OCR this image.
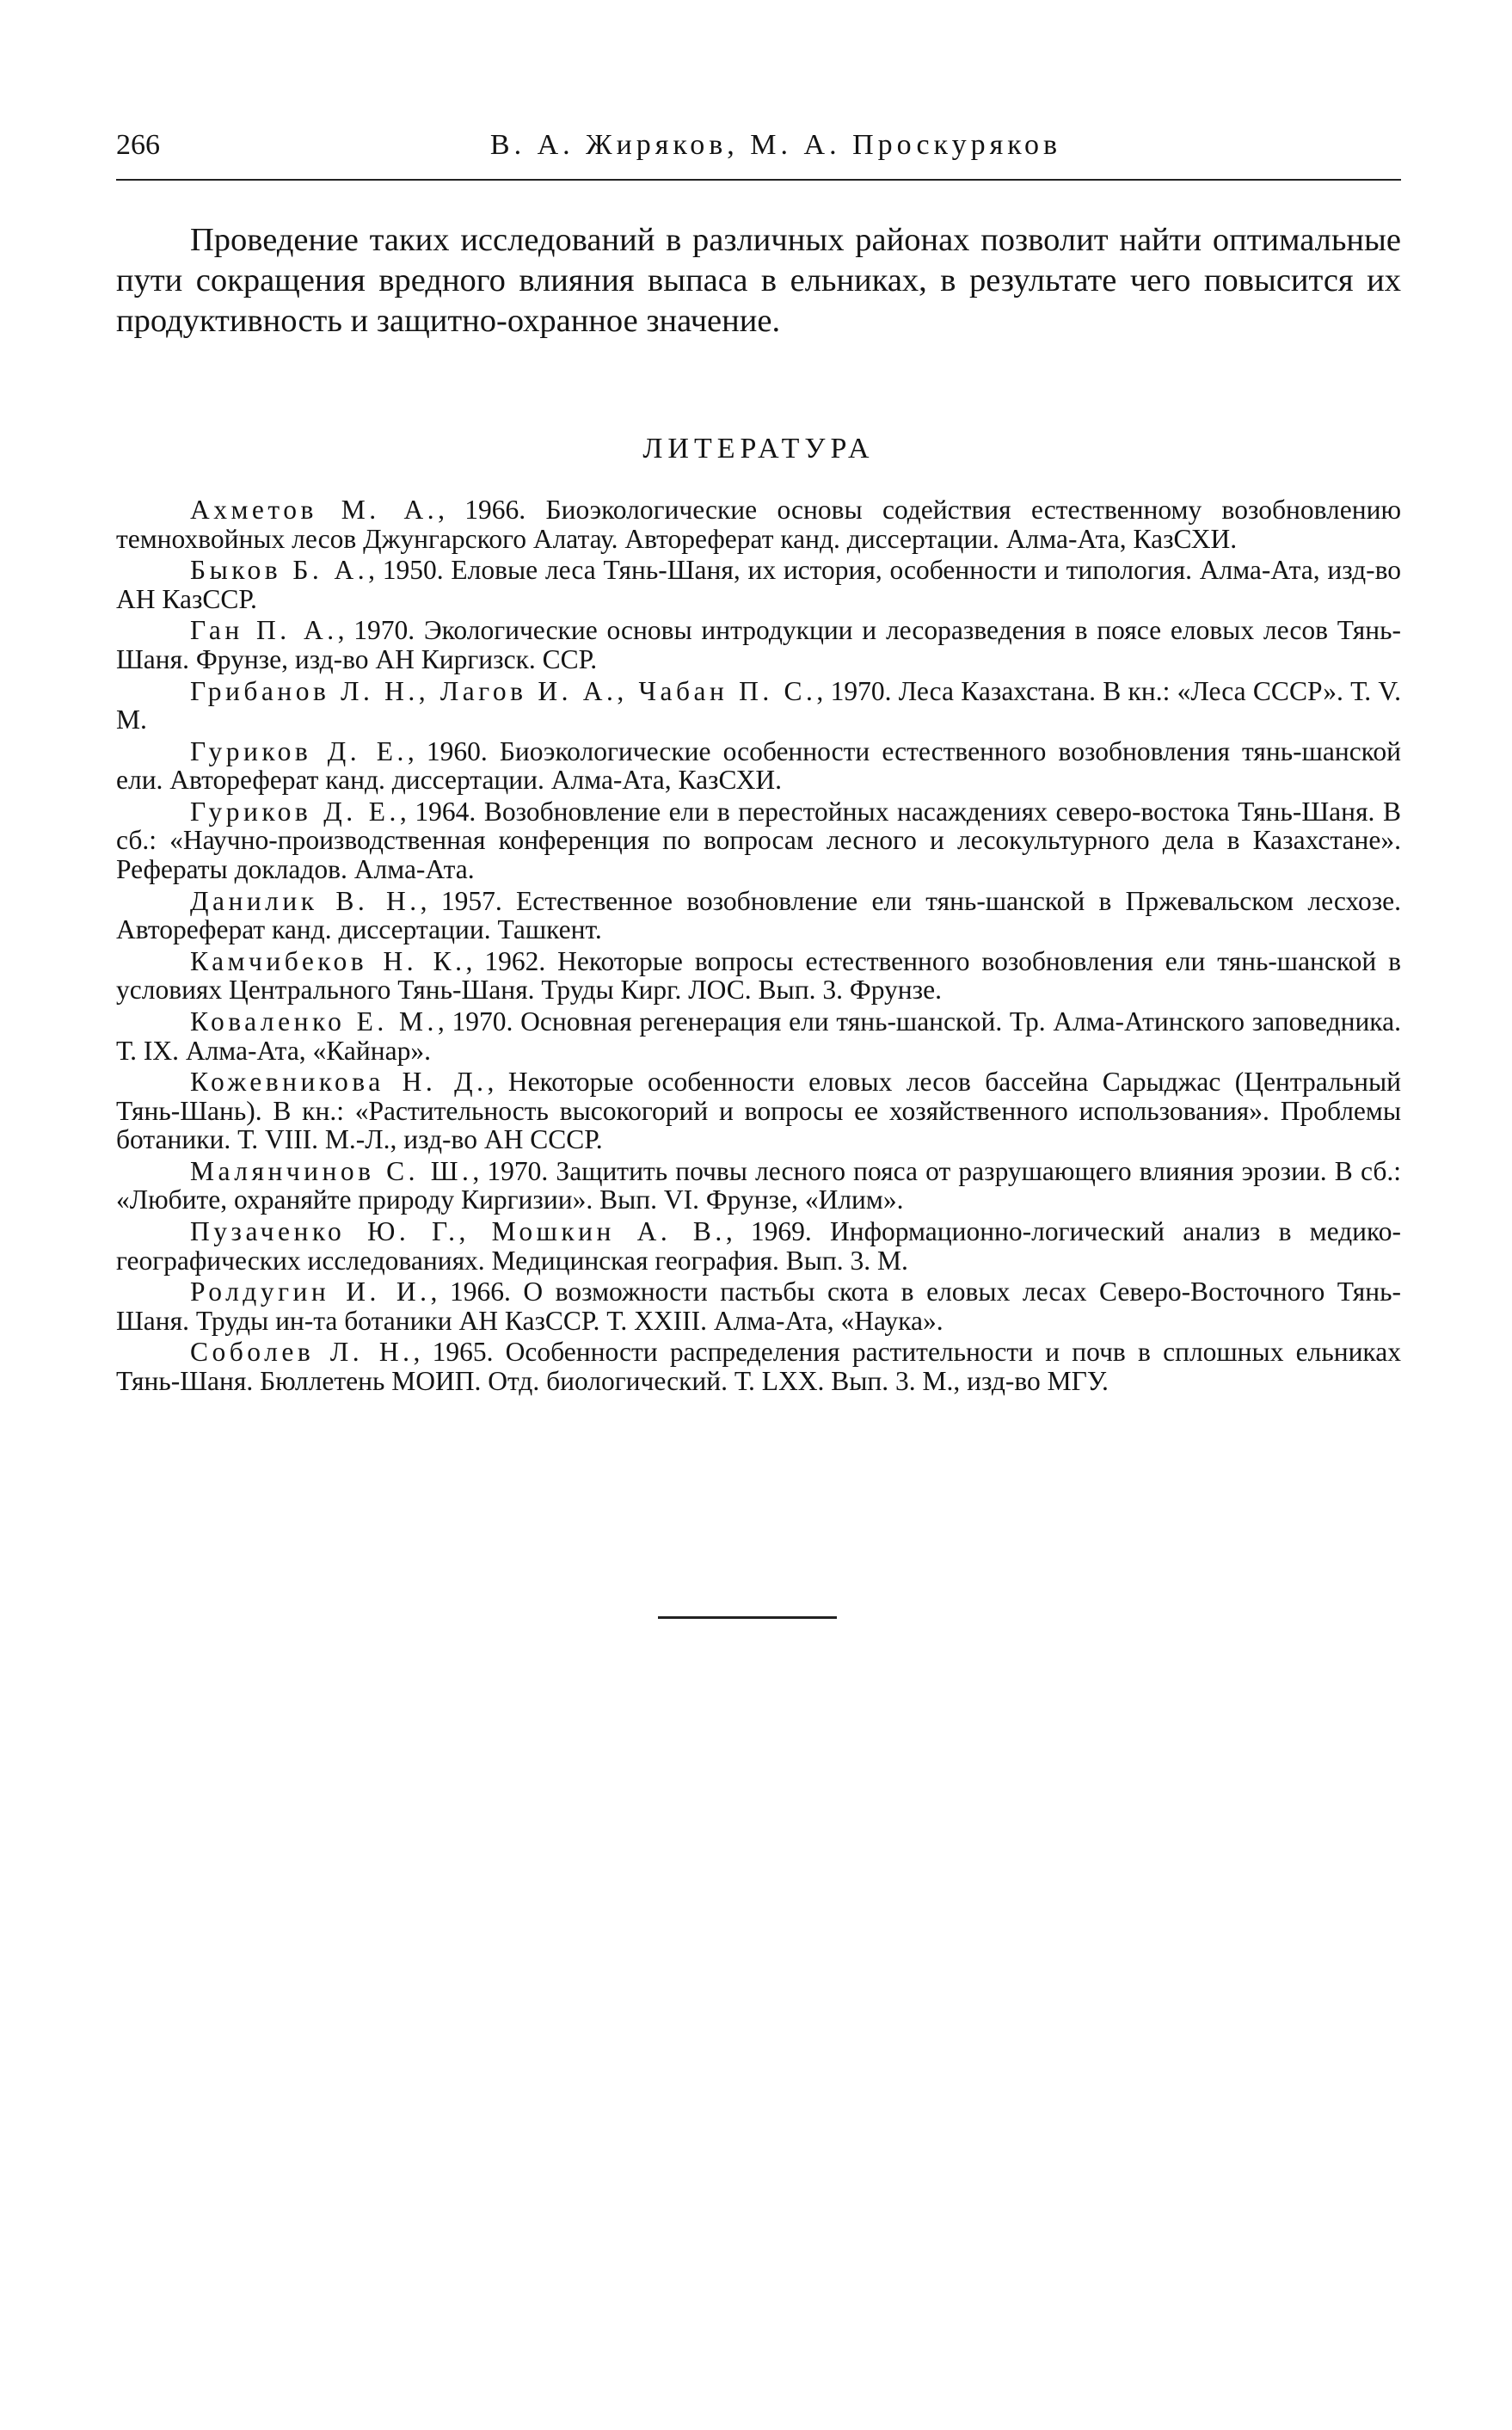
266	В. А. Жиряков, М. А. Проскуряков

Проведение таких исследований в различных районах позволит найти оптимальные пути сокращения вредного влияния выпаса в ельниках, в результате чего повысится их продуктивность и защитно-охранное значение.

ЛИТЕРАТУРА
Ахметов М. А., 1966. Биоэкологические основы содействия естественному возобновлению темнохвойных лесов Джунгарского Алатау. Автореферат канд. диссертации. Алма-Ата, КазСХИ.
Быков Б. А., 1950. Еловые леса Тянь-Шаня, их история, особенности и типология. Алма-Ата, изд-во АН КазССР.
Ган П. А., 1970. Экологические основы интродукции и лесоразведения в поясе еловых лесов Тянь-Шаня. Фрунзе, изд-во АН Киргизск. ССР.
Грибанов Л. Н., Лагов И. А., Чабан П. С., 1970. Леса Казахстана. В кн.: «Леса СССР». Т. V. М.
Гуриков Д. Е., 1960. Биоэкологические особенности естественного возобновления тянь-шанской ели. Автореферат канд. диссертации. Алма-Ата, КазСХИ.
Гуриков Д. Е., 1964. Возобновление ели в перестойных насаждениях северо-востока Тянь-Шаня. В сб.: «Научно-производственная конференция по вопросам лесного и лесокультурного дела в Казахстане». Рефераты докладов. Алма-Ата.
Данилик В. Н., 1957. Естественное возобновление ели тянь-шанской в Пржевальском лесхозе. Автореферат канд. диссертации. Ташкент.
Камчибеков Н. К., 1962. Некоторые вопросы естественного возобновления ели тянь-шанской в условиях Центрального Тянь-Шаня. Труды Кирг. ЛОС. Вып. 3. Фрунзе.
Коваленко Е. М., 1970. Основная регенерация ели тянь-шанской. Тр. Алма-Атинского заповедника. Т. IX. Алма-Ата, «Кайнар».
Кожевникова Н. Д., Некоторые особенности еловых лесов бассейна Сарыджас (Центральный Тянь-Шань). В кн.: «Растительность высокогорий и вопросы ее хозяйственного использования». Проблемы ботаники. Т. VIII. М.-Л., изд-во АН СССР.
Малянчинов С. Ш., 1970. Защитить почвы лесного пояса от разрушающего влияния эрозии. В сб.: «Любите, охраняйте природу Киргизии». Вып. VI. Фрунзе, «Илим».
Пузаченко Ю. Г., Мошкин А. В., 1969. Информационно-логический анализ в медико-географических исследованиях. Медицинская география. Вып. 3. М.
Ролдугин И. И., 1966. О возможности пастьбы скота в еловых лесах Северо-Восточного Тянь-Шаня. Труды ин-та ботаники АН КазССР. Т. XXIII. Алма-Ата, «Наука».
Соболев Л. Н., 1965. Особенности распределения растительности и почв в сплошных ельниках Тянь-Шаня. Бюллетень МОИП. Отд. биологический. Т. LXX. Вып. 3. М., изд-во МГУ.
